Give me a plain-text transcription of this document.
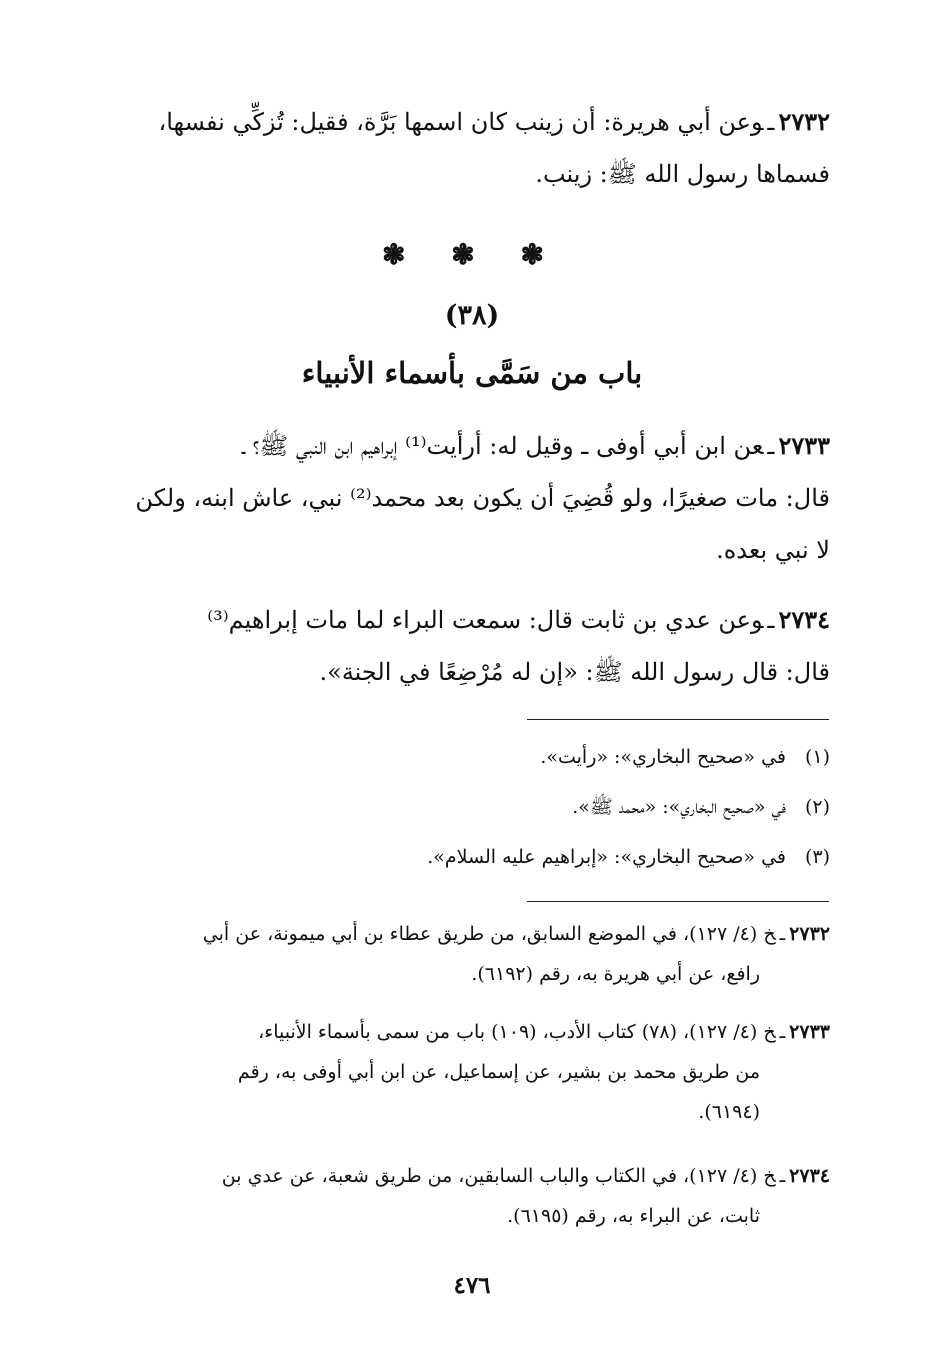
٢٧٣٢ـوعن أبي هريرة: أن زينب كان اسمها بَرَّة، فقيل: تُزكِّي نفسها،
فسماها رسول الله ﷺ: زينب.
❃ ❃ ❃
(٣٨)
باب من سَمَّى بأسماء الأنبياء
٢٧٣٣ـعن ابن أبي أوفى ـ وقيل له: أرأيت⁽¹⁾ إبراهيم ابن النبي ﷺ؟ ـ
قال: مات صغيرًا، ولو قُضِيَ أن يكون بعد محمد⁽²⁾ نبي، عاش ابنه، ولكن
لا نبي بعده.
٢٧٣٤ـوعن عدي بن ثابت قال: سمعت البراء لما مات إبراهيم⁽³⁾
قال: قال رسول الله ﷺ: «إن له مُرْضِعًا في الجنة».
(١)في «صحيح البخاري»: «رأيت».
(٢)في «صحيح البخاري»: «محمد ﷺ».
(٣)في «صحيح البخاري»: «إبراهيم عليه السلام».
٢٧٣٢ـخ (٤/ ١٢٧)، في الموضع السابق، من طريق عطاء بن أبي ميمونة، عن أبي
رافع، عن أبي هريرة به، رقم (٦١٩٢).
٢٧٣٣ـخ (٤/ ١٢٧)، (٧٨) كتاب الأدب، (١٠٩) باب من سمى بأسماء الأنبياء،
من طريق محمد بن بشير، عن إسماعيل، عن ابن أبي أوفى به، رقم
(٦١٩٤).
٢٧٣٤ـخ (٤/ ١٢٧)، في الكتاب والباب السابقين، من طريق شعبة، عن عدي بن
ثابت، عن البراء به، رقم (٦١٩٥).
٤٧٦
